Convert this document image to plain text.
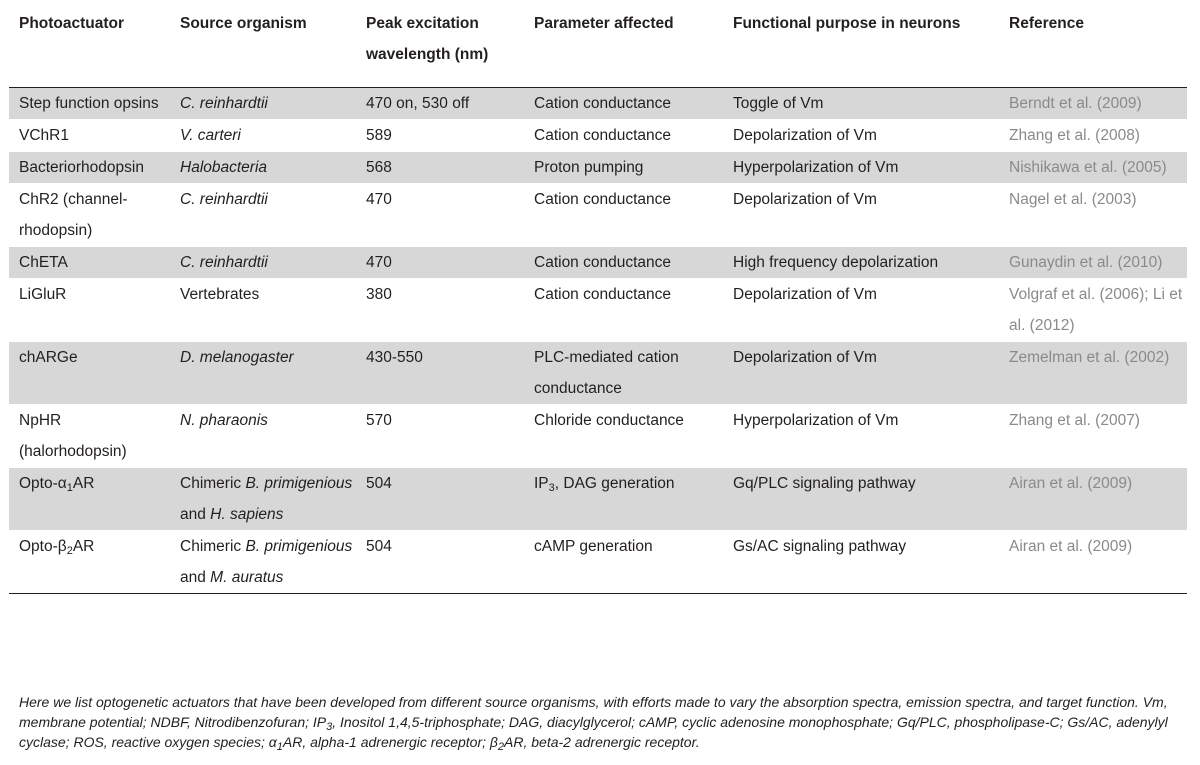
Photoactuator	Source organism	Peak excitation wavelength (nm)	Parameter affected	Functional purpose in neurons	Reference
Step function opsins	C. reinhardtii	470 on, 530 off	Cation conductance	Toggle of Vm	Berndt et al. (2009)
VChR1	V. carteri	589	Cation conductance	Depolarization of Vm	Zhang et al. (2008)
Bacteriorhodopsin	Halobacteria	568	Proton pumping	Hyperpolarization of Vm	Nishikawa et al. (2005)
ChR2 (channel-rhodopsin)	C. reinhardtii	470	Cation conductance	Depolarization of Vm	Nagel et al. (2003)
ChETA	C. reinhardtii	470	Cation conductance	High frequency depolarization	Gunaydin et al. (2010)
LiGluR	Vertebrates	380	Cation conductance	Depolarization of Vm	Volgraf et al. (2006); Li et al. (2012)
chARGe	D. melanogaster	430-550	PLC-mediated cation conductance	Depolarization of Vm	Zemelman et al. (2002)
NpHR (halorhodopsin)	N. pharaonis	570	Chloride conductance	Hyperpolarization of Vm	Zhang et al. (2007)
Opto-$\alpha_1AR$	Chimeric B. primigenious and H. sapiens	504	$IP_3$, DAG generation	Gq/PLC signaling pathway	Airan et al. (2009)
Opto-$\beta_2AR$	Chimeric B. primigenious and M. auratus	504	cAMP generation	Gs/AC signaling pathway	Airan et al. (2009)
Here we list optogenetic actuators that have been developed from different source organisms, with efforts made to vary the absorption spectra, emission spectra, and target function. Vm, membrane potential; NDBF, Nitrodibenzofuran; $IP_3$, Inositol 1,4,5-triphosphate; DAG, diacylglycerol; cAMP, cyclic adenosine monophosphate; Gq/PLC, phospholipase-C; Gs/AC, adenylyl cyclase; ROS, reactive oxygen species; $\alpha_1AR$, alpha-1 adrenergic receptor; $\beta_2AR$, beta-2 adrenergic receptor.
